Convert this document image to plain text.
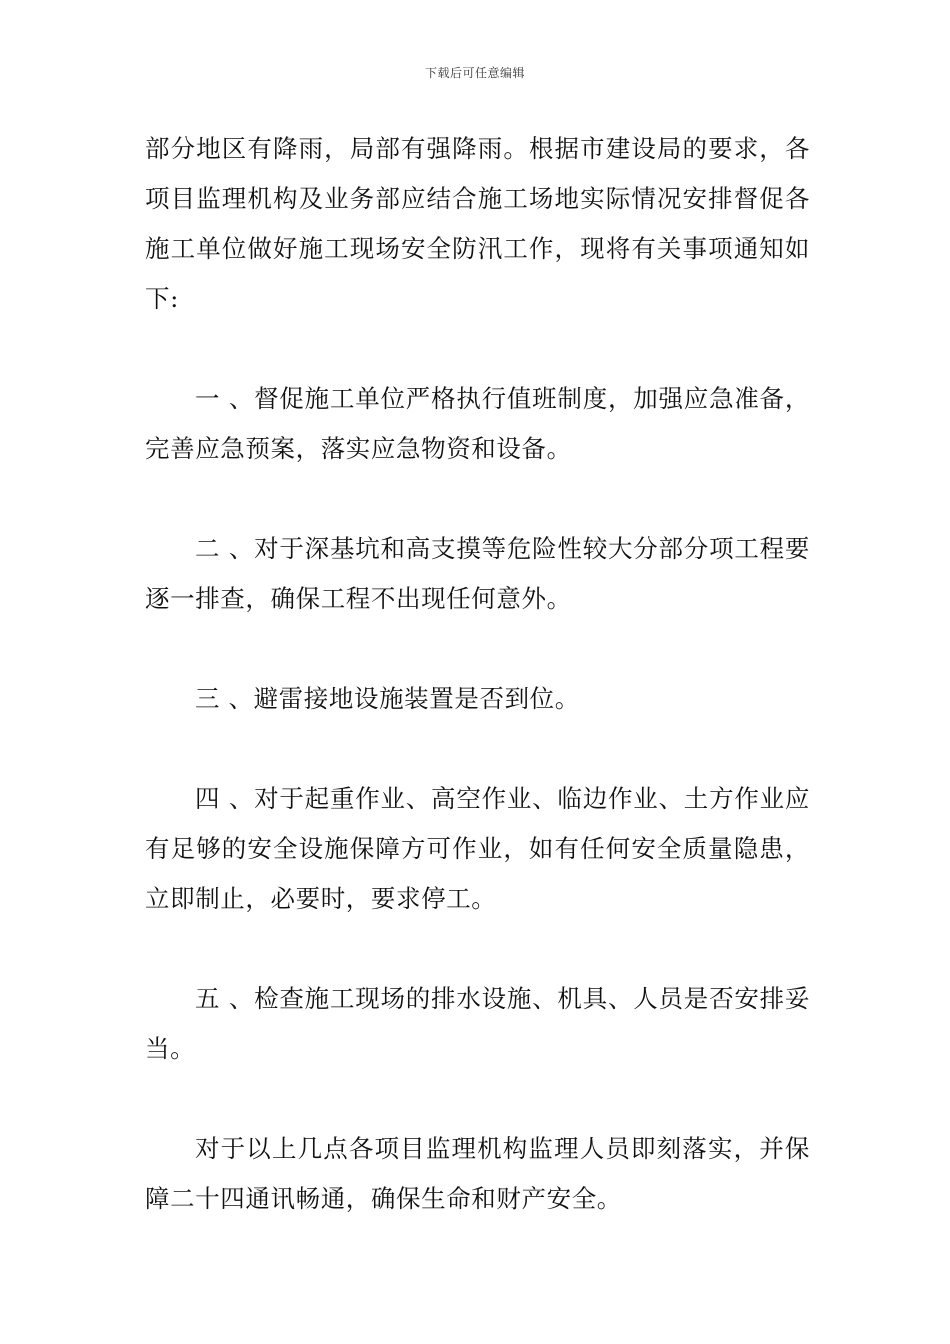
下载后可任意编辑

部分地区有降雨，局部有强降雨。根据市建设局的要求，各项目监理机构及业务部应结合施工场地实际情况安排督促各施工单位做好施工现场安全防汛工作，现将有关事项通知如下:

一 、督促施工单位严格执行值班制度，加强应急准备，完善应急预案，落实应急物资和设备。

二 、对于深基坑和高支摸等危险性较大分部分项工程要逐一排查，确保工程不出现任何意外。

三 、避雷接地设施装置是否到位。

四 、对于起重作业、高空作业、临边作业、土方作业应有足够的安全设施保障方可作业，如有任何安全质量隐患，立即制止，必要时，要求停工。

五 、检查施工现场的排水设施、机具、人员是否安排妥当。

对于以上几点各项目监理机构监理人员即刻落实，并保障二十四通讯畅通，确保生命和财产安全。
